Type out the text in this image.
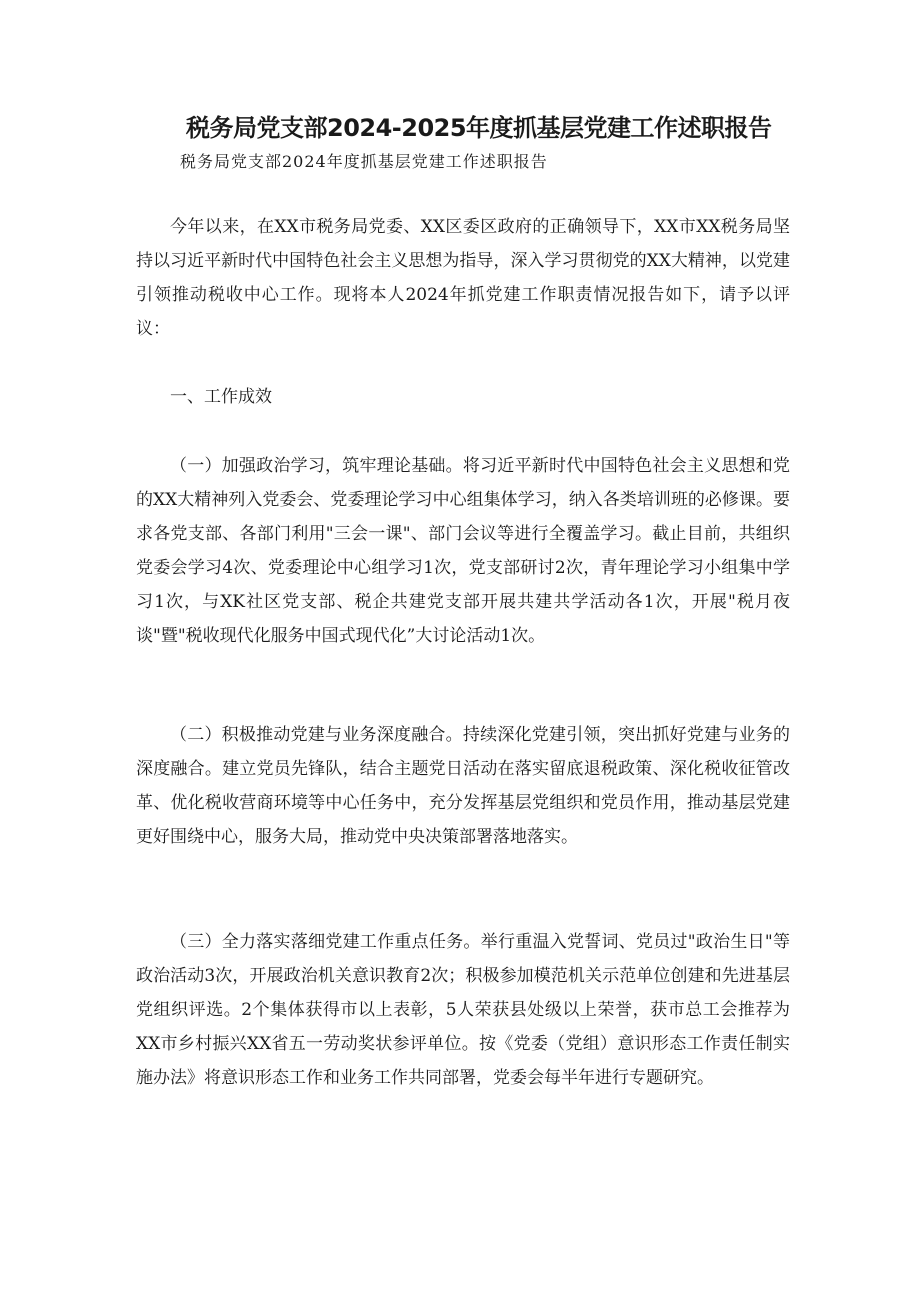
税务局党支部2024-2025年度抓基层党建工作述职报告

税务局党支部2024年度抓基层党建工作述职报告

今年以来，在XX市税务局党委、XX区委区政府的正确领导下，XX市XX税务局坚持以习近平新时代中国特色社会主义思想为指导，深入学习贯彻党的XX大精神，以党建引领推动税收中心工作。现将本人2024年抓党建工作职责情况报告如下，请予以评议：

一、工作成效

（一）加强政治学习，筑牢理论基础。将习近平新时代中国特色社会主义思想和党的XX大精神列入党委会、党委理论学习中心组集体学习，纳入各类培训班的必修课。要求各党支部、各部门利用"三会一课"、部门会议等进行全覆盖学习。截止目前，共组织党委会学习4次、党委理论中心组学习1次，党支部研讨2次，青年理论学习小组集中学习1次，与XK社区党支部、税企共建党支部开展共建共学活动各1次，开展"税月夜谈"暨"税收现代化服务中国式现代化”大讨论活动1次。

（二）积极推动党建与业务深度融合。持续深化党建引领，突出抓好党建与业务的深度融合。建立党员先锋队，结合主题党日活动在落实留底退税政策、深化税收征管改革、优化税收营商环境等中心任务中，充分发挥基层党组织和党员作用，推动基层党建更好围绕中心，服务大局，推动党中央决策部署落地落实。

（三）全力落实落细党建工作重点任务。举行重温入党誓词、党员过"政治生日"等政治活动3次，开展政治机关意识教育2次；积极参加模范机关示范单位创建和先进基层党组织评选。2个集体获得市以上表彰，5人荣获县处级以上荣誉，获市总工会推荐为XX市乡村振兴XX省五一劳动奖状参评单位。按《党委（党组）意识形态工作责任制实施办法》将意识形态工作和业务工作共同部署，党委会每半年进行专题研究。
